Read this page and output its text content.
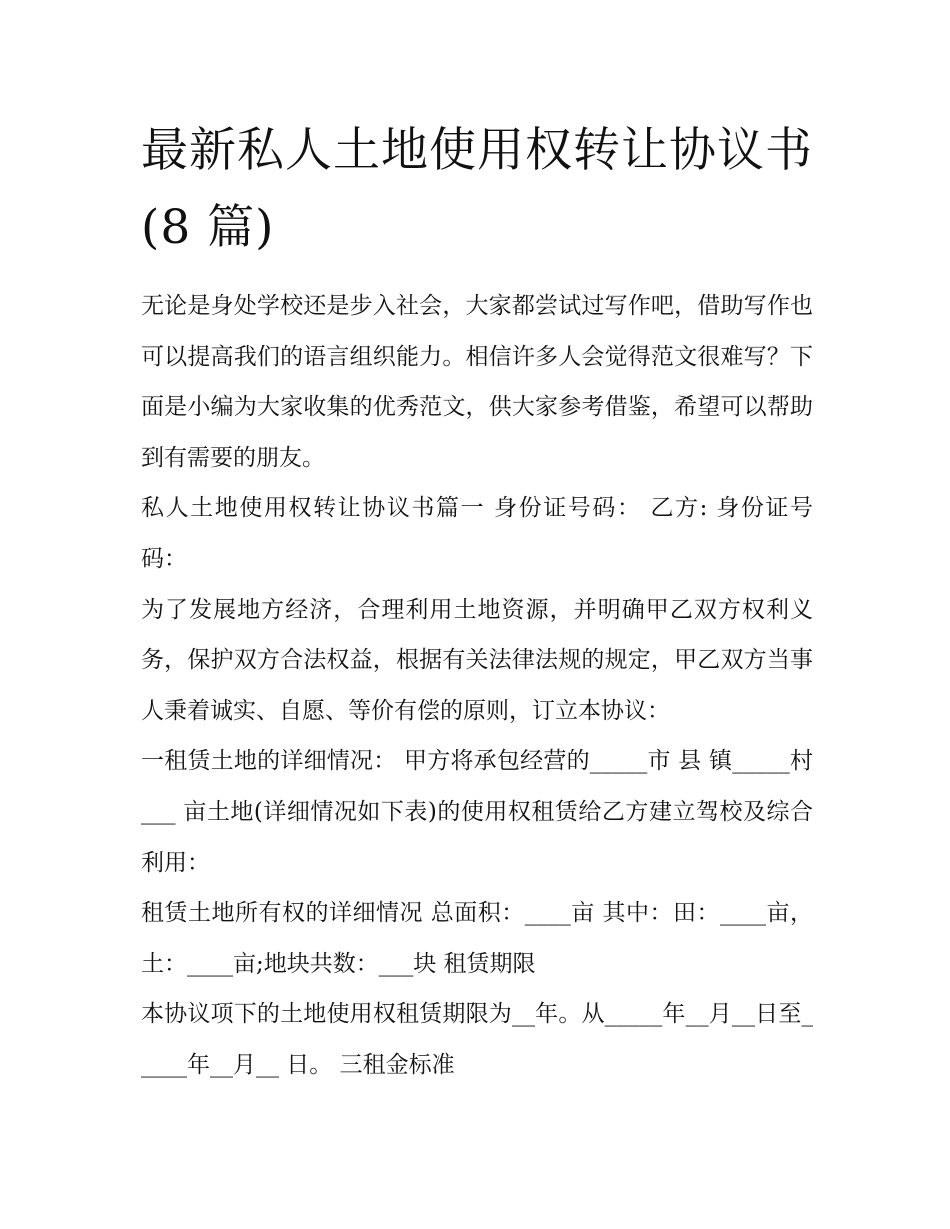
最新私人土地使用权转让协议书(8 篇)

无论是身处学校还是步入社会，大家都尝试过写作吧，借助写作也可以提高我们的语言组织能力。相信许多人会觉得范文很难写？下面是小编为大家收集的优秀范文，供大家参考借鉴，希望可以帮助到有需要的朋友。

私人土地使用权转让协议书篇一 身份证号码： 乙方: 身份证号码：

为了发展地方经济，合理利用土地资源，并明确甲乙双方权利义务，保护双方合法权益，根据有关法律法规的规定，甲乙双方当事人秉着诚实、自愿、等价有偿的原则，订立本协议：

一租赁土地的详细情况： 甲方将承包经营的_____市 县 镇_____村___ 亩土地(详细情况如下表)的使用权租赁给乙方建立驾校及综合利用：

租赁土地所有权的详细情况 总面积：____亩 其中：田：____亩，土：____亩;地块共数：___块 租赁期限

本协议项下的土地使用权租赁期限为__年。从_____年__月__日至_____年__月__ 日。 三租金标准
